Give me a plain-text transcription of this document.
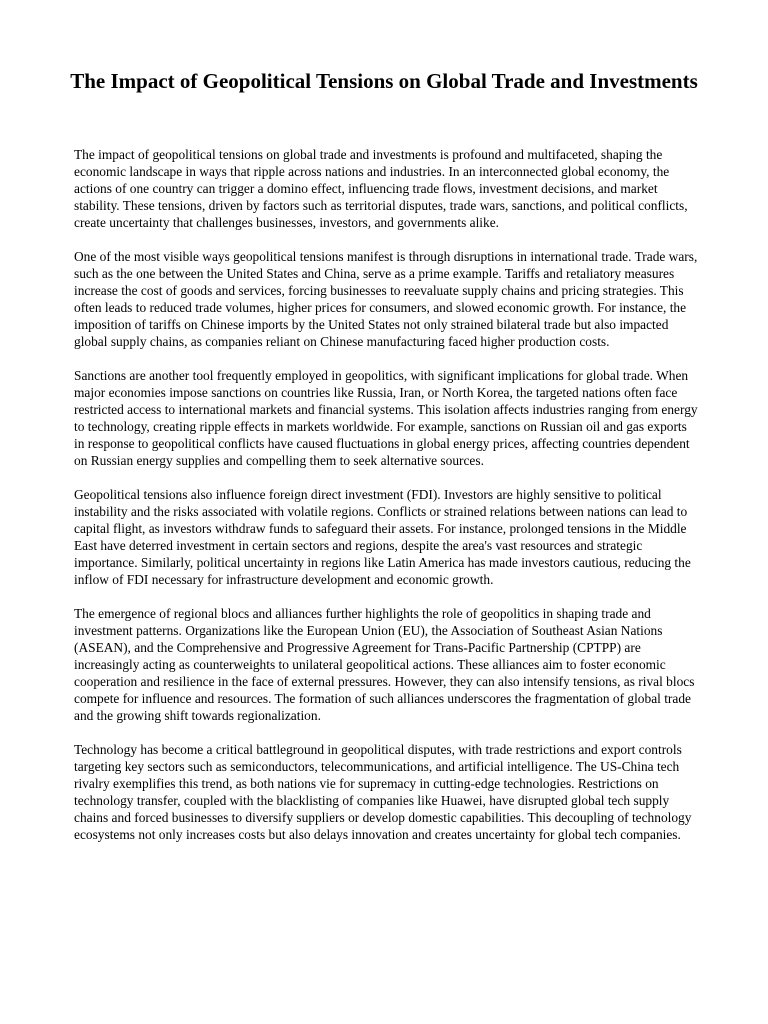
The Impact of Geopolitical Tensions on Global Trade and Investments

The impact of geopolitical tensions on global trade and investments is profound and multifaceted, shaping the economic landscape in ways that ripple across nations and industries. In an interconnected global economy, the actions of one country can trigger a domino effect, influencing trade flows, investment decisions, and market stability. These tensions, driven by factors such as territorial disputes, trade wars, sanctions, and political conflicts, create uncertainty that challenges businesses, investors, and governments alike.

One of the most visible ways geopolitical tensions manifest is through disruptions in international trade. Trade wars, such as the one between the United States and China, serve as a prime example. Tariffs and retaliatory measures increase the cost of goods and services, forcing businesses to reevaluate supply chains and pricing strategies. This often leads to reduced trade volumes, higher prices for consumers, and slowed economic growth. For instance, the imposition of tariffs on Chinese imports by the United States not only strained bilateral trade but also impacted global supply chains, as companies reliant on Chinese manufacturing faced higher production costs.

Sanctions are another tool frequently employed in geopolitics, with significant implications for global trade. When major economies impose sanctions on countries like Russia, Iran, or North Korea, the targeted nations often face restricted access to international markets and financial systems. This isolation affects industries ranging from energy to technology, creating ripple effects in markets worldwide. For example, sanctions on Russian oil and gas exports in response to geopolitical conflicts have caused fluctuations in global energy prices, affecting countries dependent on Russian energy supplies and compelling them to seek alternative sources.

Geopolitical tensions also influence foreign direct investment (FDI). Investors are highly sensitive to political instability and the risks associated with volatile regions. Conflicts or strained relations between nations can lead to capital flight, as investors withdraw funds to safeguard their assets. For instance, prolonged tensions in the Middle East have deterred investment in certain sectors and regions, despite the area's vast resources and strategic importance. Similarly, political uncertainty in regions like Latin America has made investors cautious, reducing the inflow of FDI necessary for infrastructure development and economic growth.

The emergence of regional blocs and alliances further highlights the role of geopolitics in shaping trade and investment patterns. Organizations like the European Union (EU), the Association of Southeast Asian Nations (ASEAN), and the Comprehensive and Progressive Agreement for Trans-Pacific Partnership (CPTPP) are increasingly acting as counterweights to unilateral geopolitical actions. These alliances aim to foster economic cooperation and resilience in the face of external pressures. However, they can also intensify tensions, as rival blocs compete for influence and resources. The formation of such alliances underscores the fragmentation of global trade and the growing shift towards regionalization.

Technology has become a critical battleground in geopolitical disputes, with trade restrictions and export controls targeting key sectors such as semiconductors, telecommunications, and artificial intelligence. The US-China tech rivalry exemplifies this trend, as both nations vie for supremacy in cutting-edge technologies. Restrictions on technology transfer, coupled with the blacklisting of companies like Huawei, have disrupted global tech supply chains and forced businesses to diversify suppliers or develop domestic capabilities. This decoupling of technology ecosystems not only increases costs but also delays innovation and creates uncertainty for global tech companies.
